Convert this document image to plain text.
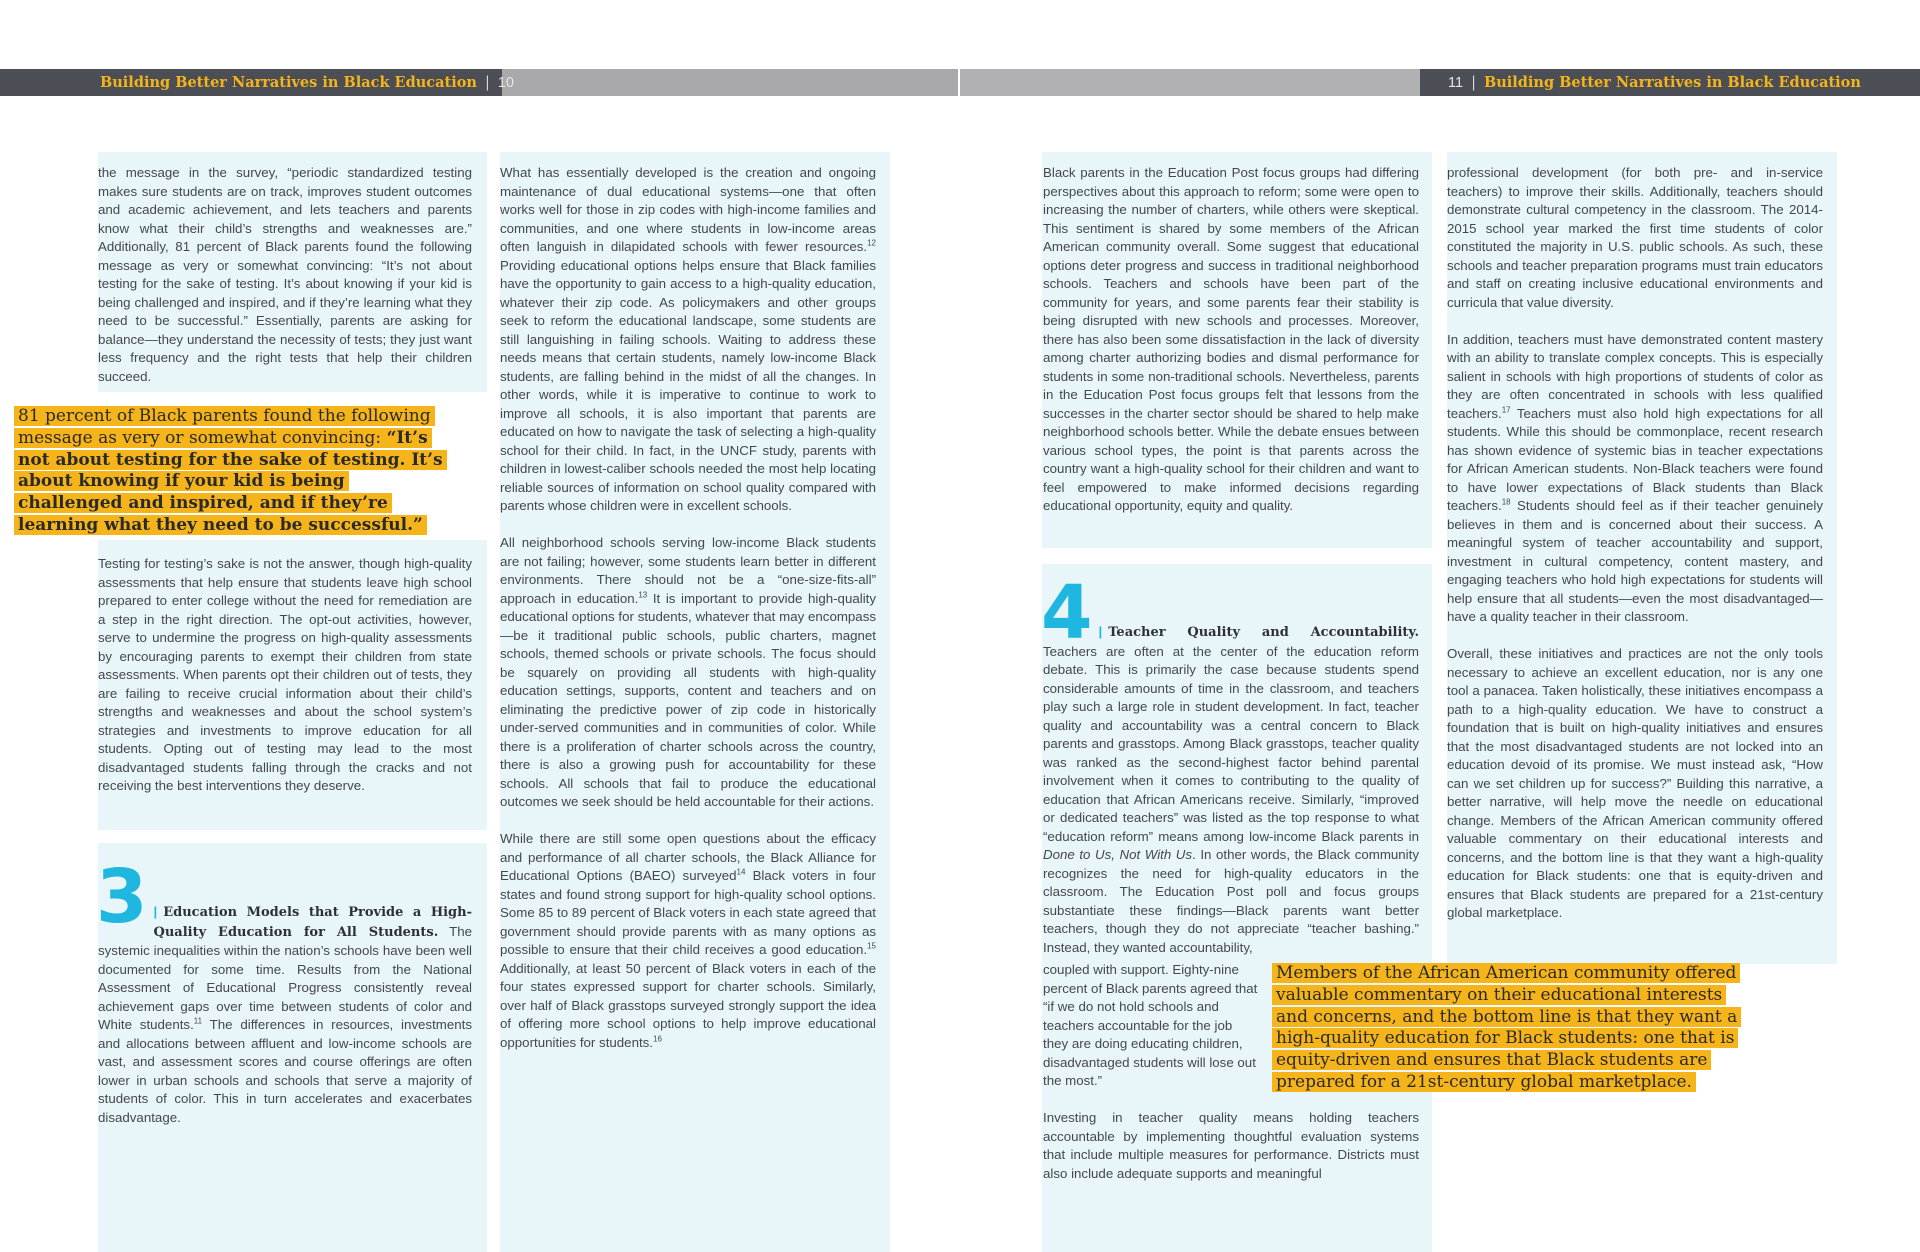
Building Better Narratives in Black Education | 10	11 | Building Better Narratives in Black Education
the message in the survey, “periodic standardized testing makes sure students are on track, improves student outcomes and academic achievement, and lets teachers and parents know what their child’s strengths and weaknesses are.” Additionally, 81 percent of Black parents found the following message as very or somewhat convincing: “It’s not about testing for the sake of testing. It’s about knowing if your kid is being challenged and inspired, and if they’re learning what they need to be successful.” Essentially, parents are asking for balance—they understand the necessity of tests; they just want less frequency and the right tests that help their children succeed.
81 percent of Black parents found the following message as very or somewhat convincing: “It’s not about testing for the sake of testing. It’s about knowing if your kid is being challenged and inspired, and if they’re learning what they need to be successful.”
Testing for testing’s sake is not the answer, though high-quality assessments that help ensure that students leave high school prepared to enter college without the need for remediation are a step in the right direction. The opt-out activities, however, serve to undermine the progress on high-quality assessments by encouraging parents to exempt their children from state assessments. When parents opt their children out of tests, they are failing to receive crucial information about their child’s strengths and weaknesses and about the school system’s strategies and investments to improve education for all students. Opting out of testing may lead to the most disadvantaged students falling through the cracks and not receiving the best interventions they deserve.
3 | Education Models that Provide a High-Quality Education for All Students. The systemic inequalities within the nation’s schools have been well documented for some time. Results from the National Assessment of Educational Progress consistently reveal achievement gaps over time between students of color and White students.$^{11}$ The differences in resources, investments and allocations between affluent and low-income schools are vast, and assessment scores and course offerings are often lower in urban schools and schools that serve a majority of students of color. This in turn accelerates and exacerbates disadvantage.

What has essentially developed is the creation and ongoing maintenance of dual educational systems—one that often works well for those in zip codes with high-income families and communities, and one where students in low-income areas often languish in dilapidated schools with fewer resources.$^{12}$ Providing educational options helps ensure that Black families have the opportunity to gain access to a high-quality education, whatever their zip code. As policymakers and other groups seek to reform the educational landscape, some students are still languishing in failing schools. Waiting to address these needs means that certain students, namely low-income Black students, are falling behind in the midst of all the changes. In other words, while it is imperative to continue to work to improve all schools, it is also important that parents are educated on how to navigate the task of selecting a high-quality school for their child. In fact, in the UNCF study, parents with children in lowest-caliber schools needed the most help locating reliable sources of information on school quality compared with parents whose children were in excellent schools.

All neighborhood schools serving low-income Black students are not failing; however, some students learn better in different environments. There should not be a “one-size-fits-all” approach in education.$^{13}$ It is important to provide high-quality educational options for students, whatever that may encompass—be it traditional public schools, public charters, magnet schools, themed schools or private schools. The focus should be squarely on providing all students with high-quality education settings, supports, content and teachers and on eliminating the predictive power of zip code in historically under-served communities and in communities of color. While there is a proliferation of charter schools across the country, there is also a growing push for accountability for these schools. All schools that fail to produce the educational outcomes we seek should be held accountable for their actions.

While there are still some open questions about the efficacy and performance of all charter schools, the Black Alliance for Educational Options (BAEO) surveyed$^{14}$ Black voters in four states and found strong support for high-quality school options. Some 85 to 89 percent of Black voters in each state agreed that government should provide parents with as many options as possible to ensure that their child receives a good education.$^{15}$ Additionally, at least 50 percent of Black voters in each of the four states expressed support for charter schools. Similarly, over half of Black grasstops surveyed strongly support the idea of offering more school options to help improve educational opportunities for students.$^{16}$

Black parents in the Education Post focus groups had differing perspectives about this approach to reform; some were open to increasing the number of charters, while others were skeptical. This sentiment is shared by some members of the African American community overall. Some suggest that educational options deter progress and success in traditional neighborhood schools. Teachers and schools have been part of the community for years, and some parents fear their stability is being disrupted with new schools and processes. Moreover, there has also been some dissatisfaction in the lack of diversity among charter authorizing bodies and dismal performance for students in some non-traditional schools. Nevertheless, parents in the Education Post focus groups felt that lessons from the successes in the charter sector should be shared to help make neighborhood schools better. While the debate ensues between various school types, the point is that parents across the country want a high-quality school for their children and want to feel empowered to make informed decisions regarding educational opportunity, equity and quality.
4 | Teacher Quality and Accountability. Teachers are often at the center of the education reform debate. This is primarily the case because students spend considerable amounts of time in the classroom, and teachers play such a large role in student development. In fact, teacher quality and accountability was a central concern to Black parents and grasstops. Among Black grasstops, teacher quality was ranked as the second-highest factor behind parental involvement when it comes to contributing to the quality of education that African Americans receive. Similarly, “improved or dedicated teachers” was listed as the top response to what “education reform” means among low-income Black parents in Done to Us, Not With Us. In other words, the Black community recognizes the need for high-quality educators in the classroom. The Education Post poll and focus groups substantiate these findings—Black parents want better teachers, though they do not appreciate “teacher bashing.” Instead, they wanted accountability,
coupled with support. Eighty-nine percent of Black parents agreed that “if we do not hold schools and teachers accountable for the job they are doing educating children, disadvantaged students will lose out the most.”
Investing in teacher quality means holding teachers accountable by implementing thoughtful evaluation systems that include multiple measures for performance. Districts must also include adequate supports and meaningful

professional development (for both pre- and in-service teachers) to improve their skills. Additionally, teachers should demonstrate cultural competency in the classroom. The 2014-2015 school year marked the first time students of color constituted the majority in U.S. public schools. As such, these schools and teacher preparation programs must train educators and staff on creating inclusive educational environments and curricula that value diversity.

In addition, teachers must have demonstrated content mastery with an ability to translate complex concepts. This is especially salient in schools with high proportions of students of color as they are often concentrated in schools with less qualified teachers.$^{17}$ Teachers must also hold high expectations for all students. While this should be commonplace, recent research has shown evidence of systemic bias in teacher expectations for African American students. Non-Black teachers were found to have lower expectations of Black students than Black teachers.$^{18}$ Students should feel as if their teacher genuinely believes in them and is concerned about their success. A meaningful system of teacher accountability and support, investment in cultural competency, content mastery, and engaging teachers who hold high expectations for students will help ensure that all students—even the most disadvantaged—have a quality teacher in their classroom.

Overall, these initiatives and practices are not the only tools necessary to achieve an excellent education, nor is any one tool a panacea. Taken holistically, these initiatives encompass a path to a high-quality education. We have to construct a foundation that is built on high-quality initiatives and ensures that the most disadvantaged students are not locked into an education devoid of its promise. We must instead ask, “How can we set children up for success?” Building this narrative, a better narrative, will help move the needle on educational change. Members of the African American community offered valuable commentary on their educational interests and concerns, and the bottom line is that they want a high-quality education for Black students: one that is equity-driven and ensures that Black students are prepared for a 21st-century global marketplace.

Members of the African American community offered valuable commentary on their educational interests and concerns, and the bottom line is that they want a high-quality education for Black students: one that is equity-driven and ensures that Black students are prepared for a 21st-century global marketplace.
